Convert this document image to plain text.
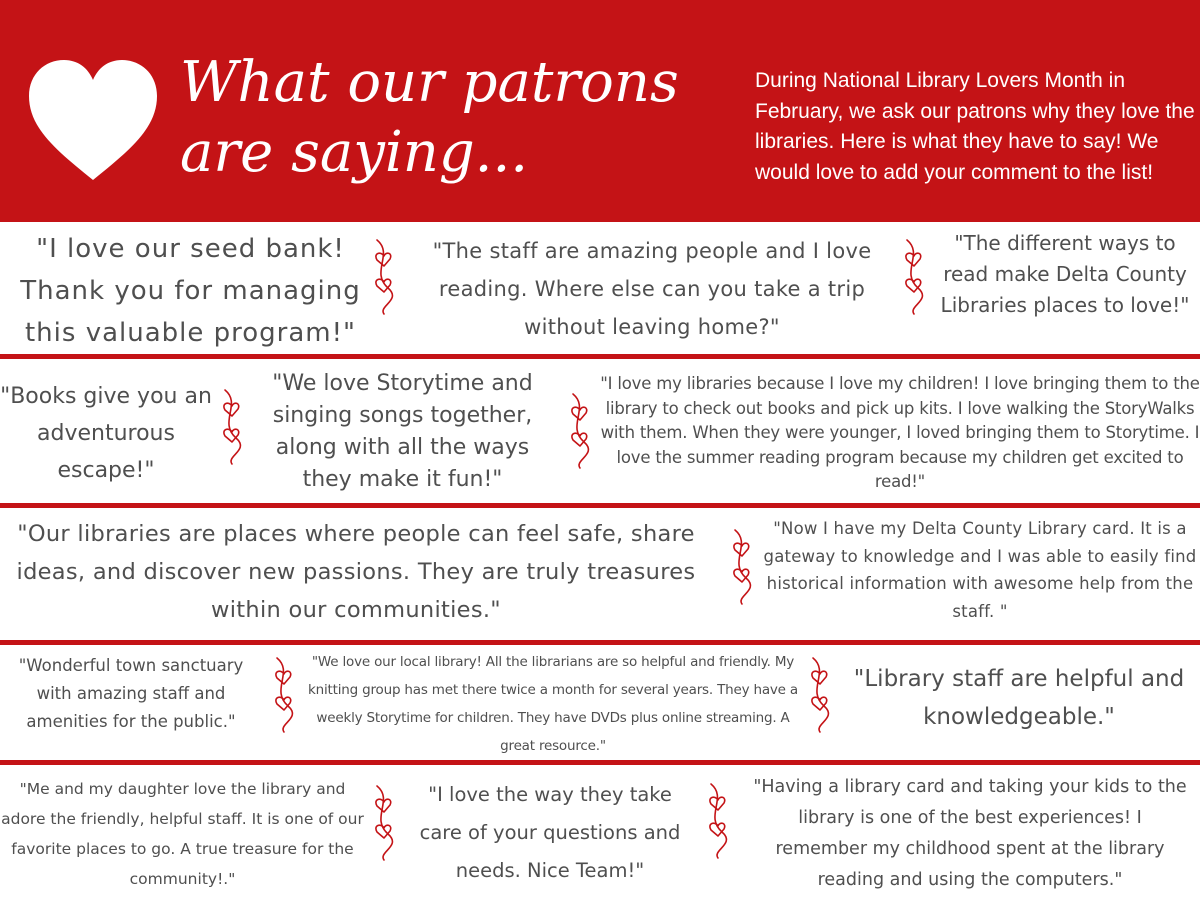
What our patrons
are saying...
During National Library Lovers Month in February, we ask our patrons why they love the libraries. Here is what they have to say! We would love to add your comment to the list!
"I love our seed bank! Thank you for managing this valuable program!"
"The staff are amazing people and I love reading. Where else can you take a trip without leaving home?"
"The different ways to read make Delta County Libraries places to love!"
"Books give you an adventurous escape!"
"We love Storytime and singing songs together, along with all the ways they make it fun!"
"I love my libraries because I love my children! I love bringing them to the library to check out books and pick up kits. I love walking the StoryWalks with them. When they were younger, I loved bringing them to Storytime. I love the summer reading program because my children get excited to read!"
"Our libraries are places where people can feel safe, share ideas, and discover new passions. They are truly treasures within our communities."
"Now I have my Delta County Library card. It is a gateway to knowledge and I was able to easily find historical information with awesome help from the staff. "
"Wonderful town sanctuary with amazing staff and amenities for the public."
"We love our local library! All the librarians are so helpful and friendly. My knitting group has met there twice a month for several years. They have a weekly Storytime for children. They have DVDs plus online streaming. A great resource."
"Library staff are helpful and knowledgeable."
"Me and my daughter love the library and adore the friendly, helpful staff. It is one of our favorite places to go. A true treasure for the community!."
"I love the way they take care of your questions and needs. Nice Team!"
"Having a library card and taking your kids to the library is one of the best experiences! I remember my childhood spent at the library reading and using the computers."
